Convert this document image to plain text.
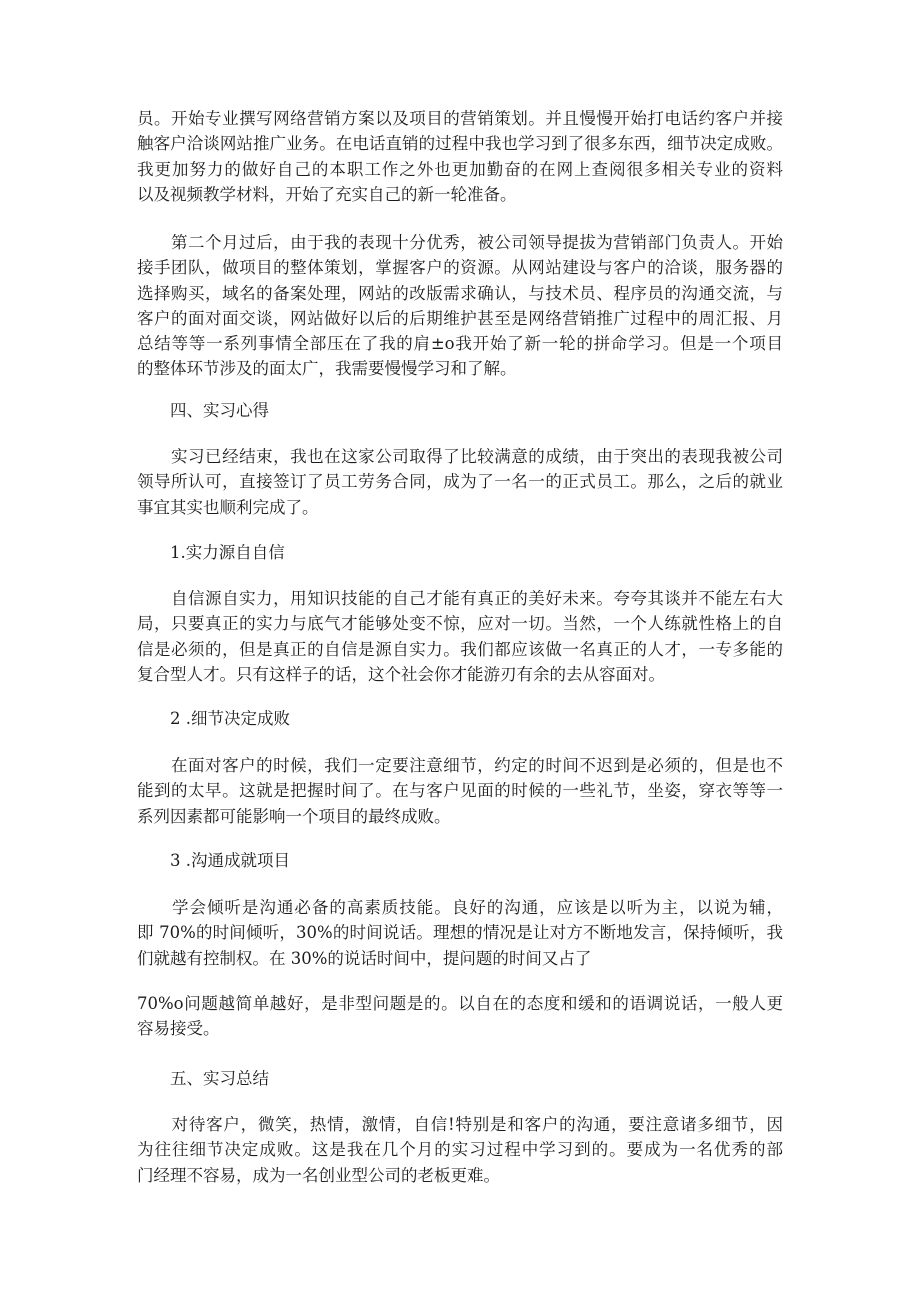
员。开始专业撰写网络营销方案以及项目的营销策划。并且慢慢开始打电话约客户并接
触客户洽谈网站推广业务。在电话直销的过程中我也学习到了很多东西，细节决定成败。
我更加努力的做好自己的本职工作之外也更加勤奋的在网上查阅很多相关专业的资料
以及视频教学材料，开始了充实自己的新一轮准备。
　　第二个月过后，由于我的表现十分优秀，被公司领导提拔为营销部门负责人。开始
接手团队，做项目的整体策划，掌握客户的资源。从网站建设与客户的洽谈，服务器的
选择购买，域名的备案处理，网站的改版需求确认，与技术员、程序员的沟通交流，与
客户的面对面交谈，网站做好以后的后期维护甚至是网络营销推广过程中的周汇报、月
总结等等一系列事情全部压在了我的肩±o我开始了新一轮的拼命学习。但是一个项目
的整体环节涉及的面太广，我需要慢慢学习和了解。
四、实习心得
　　实习已经结束，我也在这家公司取得了比较满意的成绩，由于突出的表现我被公司
领导所认可，直接签订了员工劳务合同，成为了一名一的正式员工。那么，之后的就业
事宜其实也顺利完成了。
1.实力源自自信
　　自信源自实力，用知识技能的自己才能有真正的美好未来。夸夸其谈并不能左右大
局，只要真正的实力与底气才能够处变不惊，应对一切。当然，一个人练就性格上的自
信是必须的，但是真正的自信是源自实力。我们都应该做一名真正的人才，一专多能的
复合型人才。只有这样子的话，这个社会你才能游刃有余的去从容面对。
2 .细节决定成败
　　在面对客户的时候，我们一定要注意细节，约定的时间不迟到是必须的，但是也不
能到的太早。这就是把握时间了。在与客户见面的时候的一些礼节，坐姿，穿衣等等一
系列因素都可能影响一个项目的最终成败。
3 .沟通成就项目
　　学会倾听是沟通必备的高素质技能。良好的沟通，应该是以听为主，以说为辅，
即 70%的时间倾听，30%的时间说话。理想的情况是让对方不断地发言，保持倾听，我
们就越有控制权。在 30%的说话时间中，提问题的时间又占了
70%o问题越简单越好，是非型问题是的。以自在的态度和缓和的语调说话，一般人更
容易接受。
五、实习总结
　　对待客户，微笑，热情，激情，自信!特别是和客户的沟通，要注意诸多细节，因
为往往细节决定成败。这是我在几个月的实习过程中学习到的。要成为一名优秀的部
门经理不容易，成为一名创业型公司的老板更难。
